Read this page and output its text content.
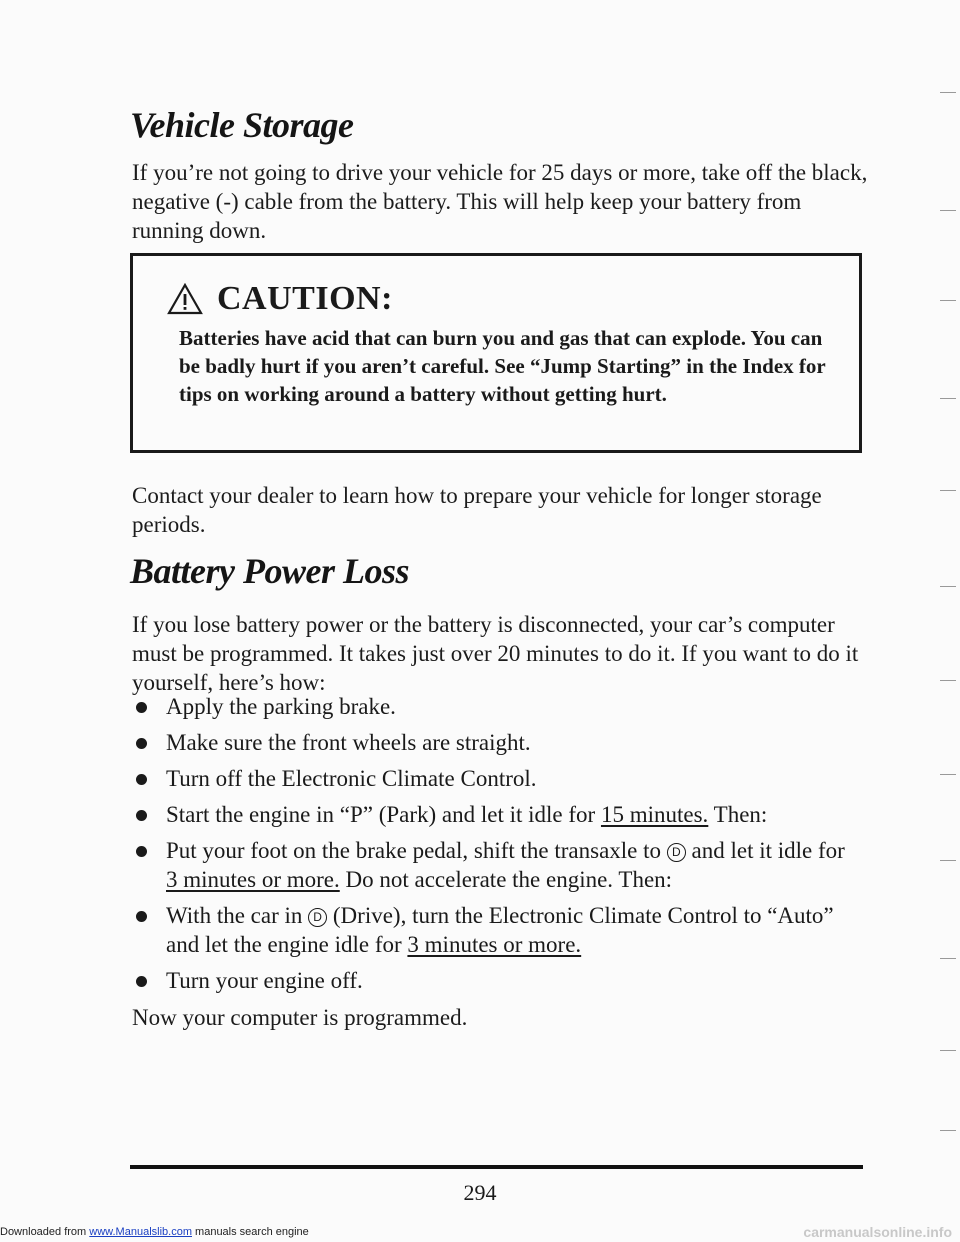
Vehicle Storage

If you’re not going to drive your vehicle for 25 days or more, take off the black, negative (-) cable from the battery. This will help keep your battery from running down.

CAUTION:

Batteries have acid that can burn you and gas that can explode. You can be badly hurt if you aren’t careful. See “Jump Starting” in the Index for tips on working around a battery without getting hurt.

Contact your dealer to learn how to prepare your vehicle for longer storage periods.

Battery Power Loss

If you lose battery power or the battery is disconnected, your car’s computer must be programmed. It takes just over 20 minutes to do it. If you want to do it yourself, here’s how:

Apply the parking brake.
Make sure the front wheels are straight.
Turn off the Electronic Climate Control.
Start the engine in “P” (Park) and let it idle for 15 minutes. Then:
Put your foot on the brake pedal, shift the transaxle to D and let it idle for 3 minutes or more. Do not accelerate the engine. Then:
With the car in D (Drive), turn the Electronic Climate Control to “Auto” and let the engine idle for 3 minutes or more.
Turn your engine off.

Now your computer is programmed.

294
Downloaded from www.Manualslib.com manuals search engine	carmanualsonline.info
